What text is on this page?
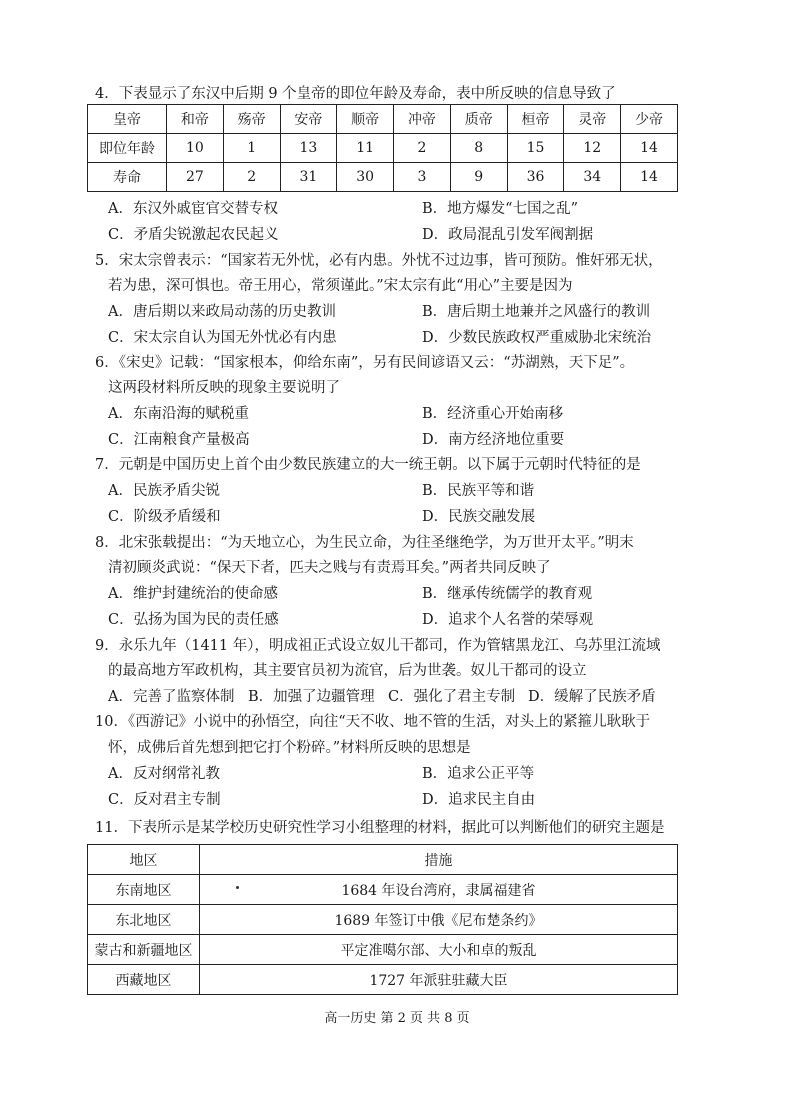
4．下表显示了东汉中后期 9 个皇帝的即位年龄及寿命，表中所反映的信息导致了
皇帝	和帝	殇帝	安帝	顺帝	冲帝	质帝	桓帝	灵帝	少帝
即位年龄	10	1	13	11	2	8	15	12	14
寿命	27	2	31	30	3	9	36	34	14
A．东汉外戚宦官交替专权	B．地方爆发“七国之乱”
C．矛盾尖锐激起农民起义	D．政局混乱引发军阀割据
5．宋太宗曾表示：“国家若无外忧，必有内患。外忧不过边事，皆可预防。惟奸邪无状，
若为患，深可惧也。帝王用心，常须谨此。”宋太宗有此“用心”主要是因为
A．唐后期以来政局动荡的历史教训	B．唐后期土地兼并之风盛行的教训
C．宋太宗自认为国无外忧必有内患	D．少数民族政权严重威胁北宋统治
6．《宋史》记载：“国家根本，仰给东南”，另有民间谚语又云：“苏湖熟，天下足”。
这两段材料所反映的现象主要说明了
A．东南沿海的赋税重	B．经济重心开始南移
C．江南粮食产量极高	D．南方经济地位重要
7．元朝是中国历史上首个由少数民族建立的大一统王朝。以下属于元朝时代特征的是
A．民族矛盾尖锐	B．民族平等和谐
C．阶级矛盾缓和	D．民族交融发展
8．北宋张载提出：“为天地立心，为生民立命，为往圣继绝学，为万世开太平。”明末
清初顾炎武说：“保天下者，匹夫之贱与有责焉耳矣。”两者共同反映了
A．维护封建统治的使命感	B．继承传统儒学的教育观
C．弘扬为国为民的责任感	D．追求个人名誉的荣辱观
9．永乐九年（1411 年），明成祖正式设立奴儿干都司，作为管辖黑龙江、乌苏里江流域
的最高地方军政机构，其主要官员初为流官，后为世袭。奴儿干都司的设立
A．完善了监察体制 B．加强了边疆管理 C．强化了君主专制 D．缓解了民族矛盾
10．《西游记》小说中的孙悟空，向往“天不收、地不管的生活，对头上的紧箍儿耿耿于
怀，成佛后首先想到把它打个粉碎。”材料所反映的思想是
A．反对纲常礼教	B．追求公正平等
C．反对君主专制	D．追求民主自由
11．下表所示是某学校历史研究性学习小组整理的材料，据此可以判断他们的研究主题是
地区	措施
东南地区	1684 年设台湾府，隶属福建省
东北地区	1689 年签订中俄《尼布楚条约》
蒙古和新疆地区	平定准噶尔部、大小和卓的叛乱
西藏地区	1727 年派驻驻藏大臣
高一历史 第 2 页 共 8 页
